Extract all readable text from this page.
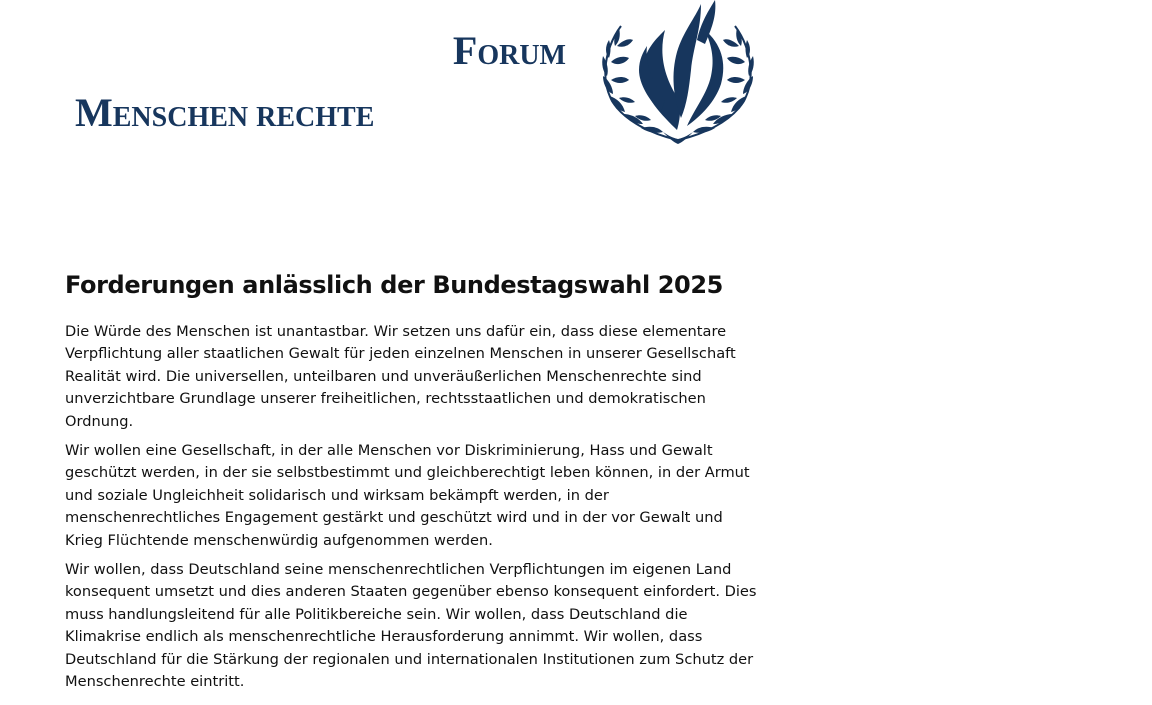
Forum
Menschen rechte
Forderungen anlässlich der Bundestagswahl 2025

Die Würde des Menschen ist unantastbar. Wir setzen uns dafür ein, dass diese elementare Verpflichtung aller staatlichen Gewalt für jeden einzelnen Menschen in unserer Gesellschaft Realität wird. Die universellen, unteilbaren und unveräußerlichen Menschenrechte sind unverzichtbare Grundlage unserer freiheitlichen, rechtsstaatlichen und demokratischen Ordnung.

Wir wollen eine Gesellschaft, in der alle Menschen vor Diskriminierung, Hass und Gewalt geschützt werden, in der sie selbstbestimmt und gleichberechtigt leben können, in der Armut und soziale Ungleichheit solidarisch und wirksam bekämpft werden, in der menschenrechtliches Engagement gestärkt und geschützt wird und in der vor Gewalt und Krieg Flüchtende menschenwürdig aufgenommen werden.

Wir wollen, dass Deutschland seine menschenrechtlichen Verpflichtungen im eigenen Land konsequent umsetzt und dies anderen Staaten gegenüber ebenso konsequent einfordert. Dies muss handlungsleitend für alle Politikbereiche sein. Wir wollen, dass Deutschland die Klimakrise endlich als menschenrechtliche Herausforderung annimmt. Wir wollen, dass Deutschland für die Stärkung der regionalen und internationalen Institutionen zum Schutz der Menschenrechte eintritt.
